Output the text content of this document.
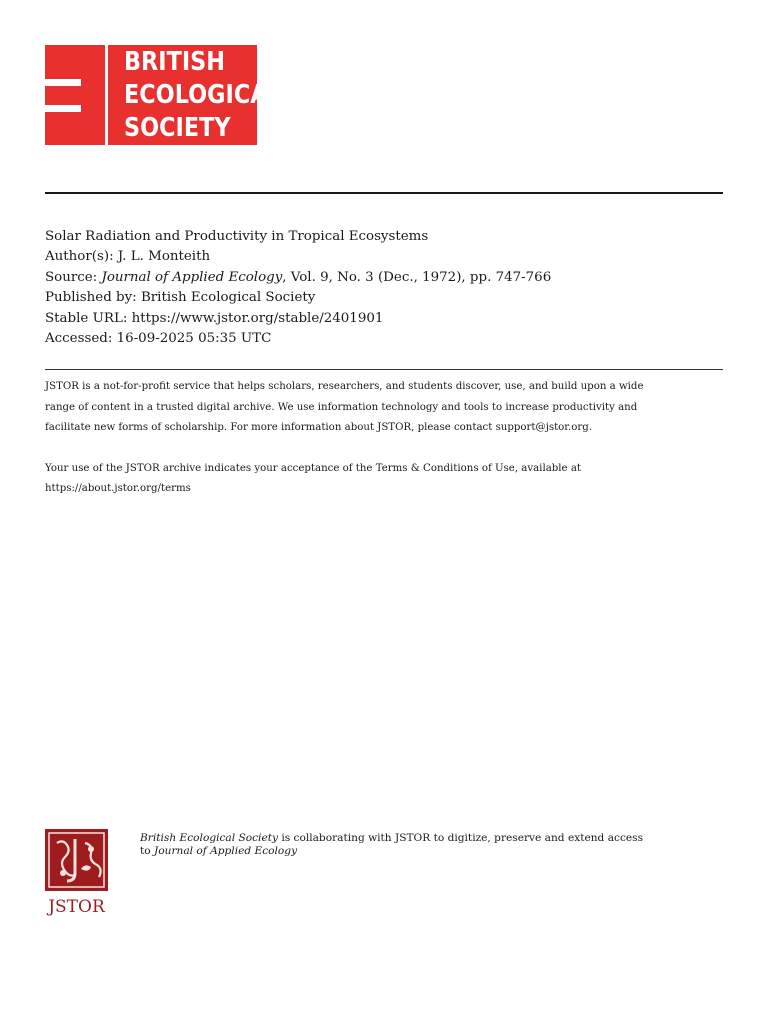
BRITISH
ECOLOGICAL
SOCIETY
Solar Radiation and Productivity in Tropical Ecosystems
Author(s): J. L. Monteith
Source: Journal of Applied Ecology, Vol. 9, No. 3 (Dec., 1972), pp. 747-766
Published by: British Ecological Society
Stable URL: https://www.jstor.org/stable/2401901
Accessed: 16-09-2025 05:35 UTC

JSTOR is a not-for-profit service that helps scholars, researchers, and students discover, use, and build upon a wide
range of content in a trusted digital archive. We use information technology and tools to increase productivity and
facilitate new forms of scholarship. For more information about JSTOR, please contact support@jstor.org.

Your use of the JSTOR archive indicates your acceptance of the Terms & Conditions of Use, available at
https://about.jstor.org/terms

JSTOR
British Ecological Society is collaborating with JSTOR to digitize, preserve and extend access
to Journal of Applied Ecology
